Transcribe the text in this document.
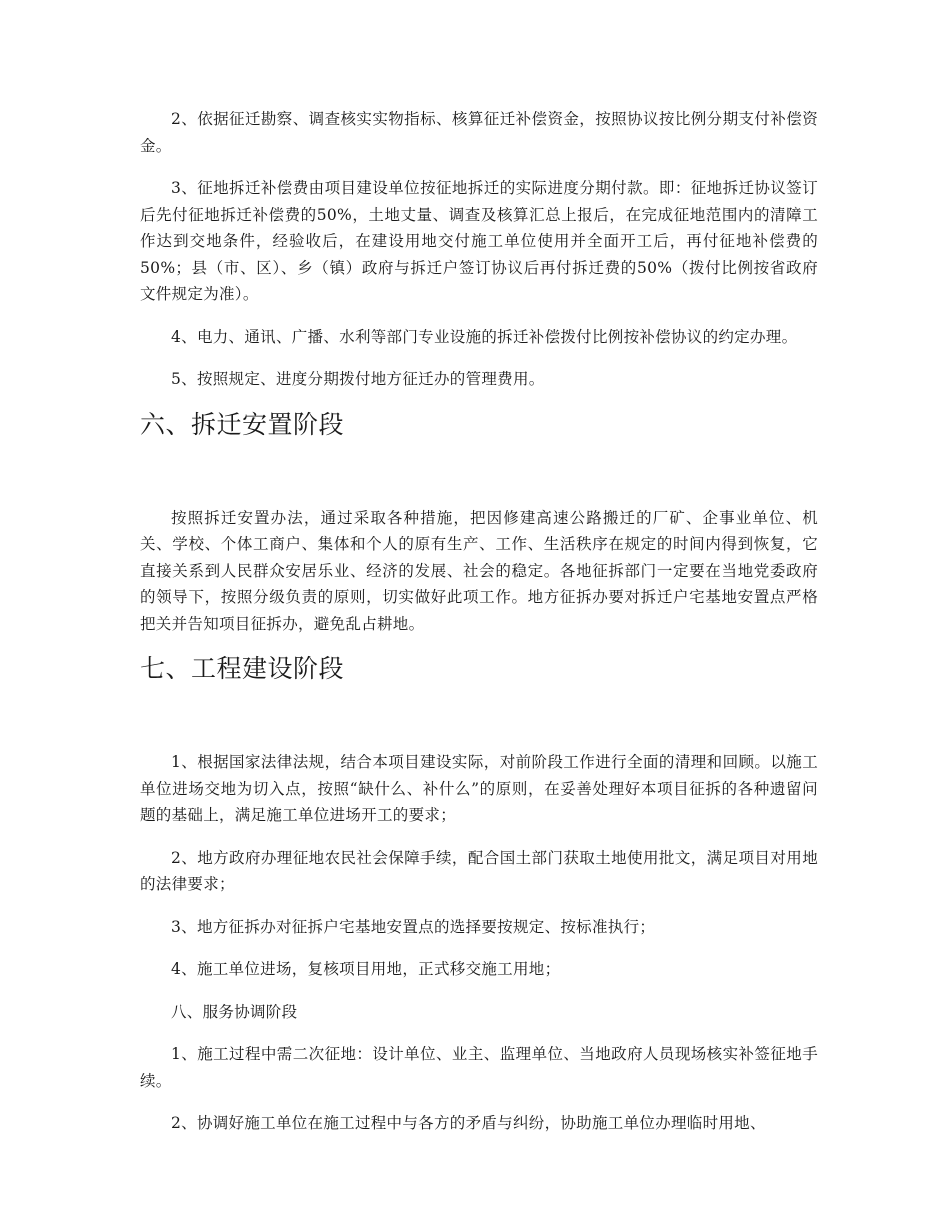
2、依据征迁勘察、调查核实实物指标、核算征迁补偿资金，按照协议按比例分期支付补偿资金。

3、征地拆迁补偿费由项目建设单位按征地拆迁的实际进度分期付款。即：征地拆迁协议签订后先付征地拆迁补偿费的50%，土地丈量、调查及核算汇总上报后，在完成征地范围内的清障工作达到交地条件，经验收后，在建设用地交付施工单位使用并全面开工后，再付征地补偿费的50%；县（市、区）、乡（镇）政府与拆迁户签订协议后再付拆迁费的50%（拨付比例按省政府文件规定为准）。

4、电力、通讯、广播、水利等部门专业设施的拆迁补偿拨付比例按补偿协议的约定办理。

5、按照规定、进度分期拨付地方征迁办的管理费用。

六、拆迁安置阶段

按照拆迁安置办法，通过采取各种措施，把因修建高速公路搬迁的厂矿、企事业单位、机关、学校、个体工商户、集体和个人的原有生产、工作、生活秩序在规定的时间内得到恢复，它直接关系到人民群众安居乐业、经济的发展、社会的稳定。各地征拆部门一定要在当地党委政府的领导下，按照分级负责的原则，切实做好此项工作。地方征拆办要对拆迁户宅基地安置点严格把关并告知项目征拆办，避免乱占耕地。

七、工程建设阶段

1、根据国家法律法规，结合本项目建设实际，对前阶段工作进行全面的清理和回顾。以施工单位进场交地为切入点，按照“缺什么、补什么”的原则，在妥善处理好本项目征拆的各种遗留问题的基础上，满足施工单位进场开工的要求；

2、地方政府办理征地农民社会保障手续，配合国土部门获取土地使用批文，满足项目对用地的法律要求；

3、地方征拆办对征拆户宅基地安置点的选择要按规定、按标准执行；

4、施工单位进场，复核项目用地，正式移交施工用地；

八、服务协调阶段

1、施工过程中需二次征地：设计单位、业主、监理单位、当地政府人员现场核实补签征地手续。

2、协调好施工单位在施工过程中与各方的矛盾与纠纷，协助施工单位办理临时用地、
